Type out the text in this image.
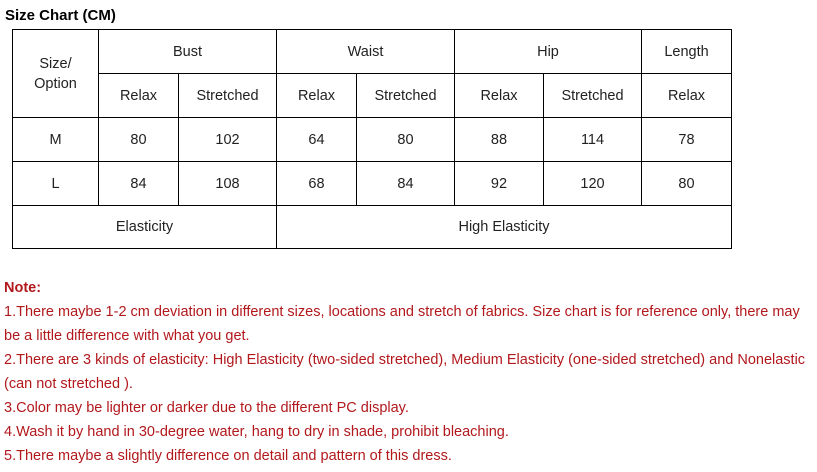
Size Chart (CM)
Size/
Option	Bust		Waist		Hip		Length
	Relax	Stretched	Relax	Stretched	Relax	Stretched	Relax
M	80	102	64	80	88	114	78
L	84	108	68	84	92	120	80
Elasticity			High Elasticity				

Note:

1.There maybe 1-2 cm deviation in different sizes, locations and stretch of fabrics. Size chart is for reference only, there may be a little difference with what you get.

2.There are 3 kinds of elasticity: High Elasticity (two-sided stretched), Medium Elasticity (one-sided stretched) and Nonelastic (can not stretched ).

3.Color may be lighter or darker due to the different PC display.

4.Wash it by hand in 30-degree water, hang to dry in shade, prohibit bleaching.

5.There maybe a slightly difference on detail and pattern of this dress.
